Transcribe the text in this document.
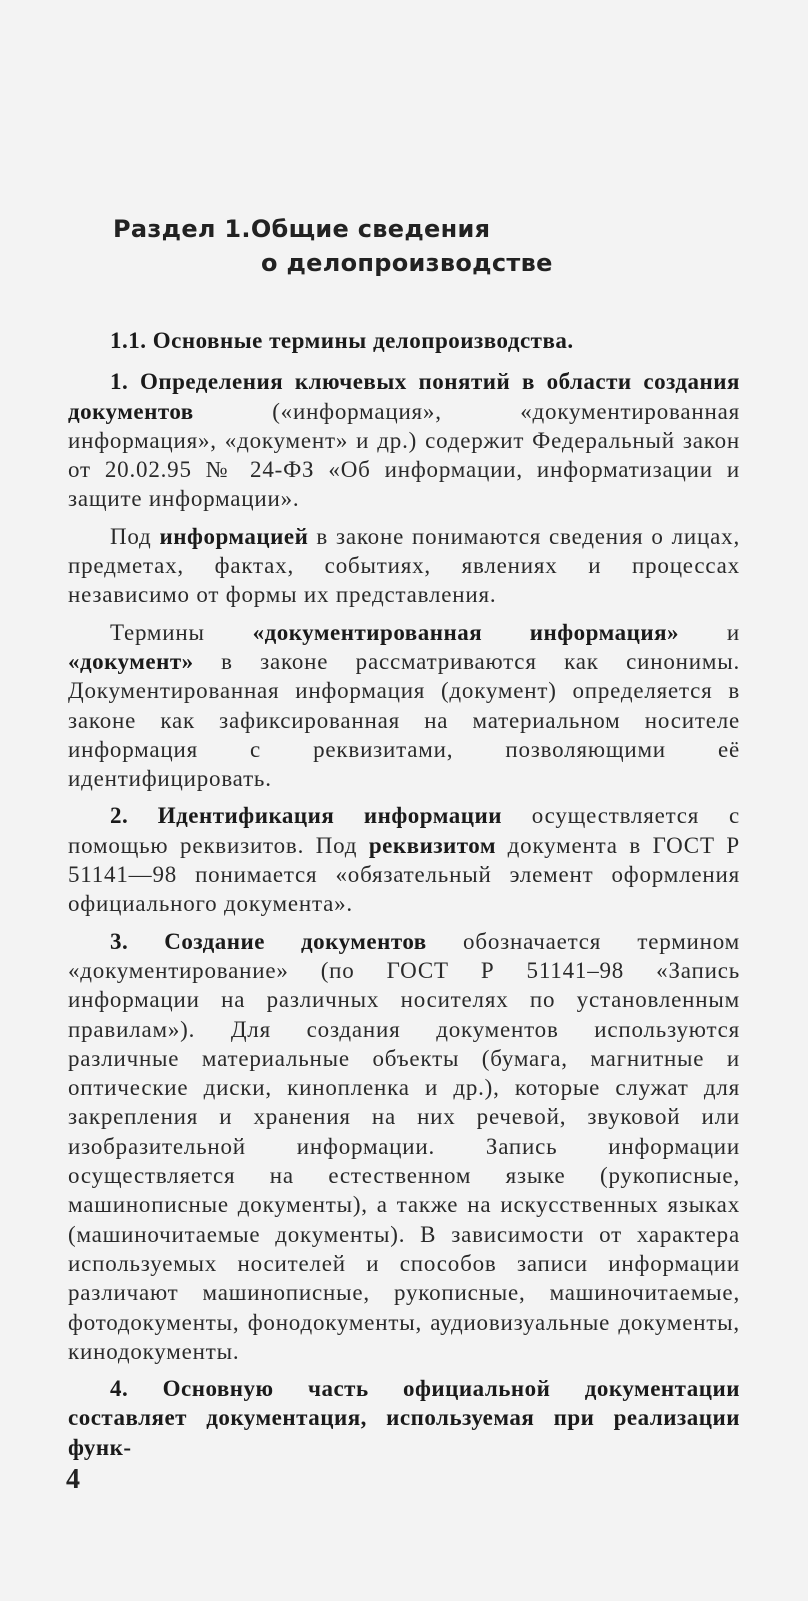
Раздел 1.Общие сведения
о делопроизводстве

1.1. Основные термины делопроизводства.

1. Определения ключевых понятий в области создания документов («информация», «документированная информация», «документ» и др.) содержит Федеральный закон от 20.02.95 № 24-ФЗ «Об информации, информатизации и защите информации».

Под информацией в законе понимаются сведения о лицах, предметах, фактах, событиях, явлениях и процессах независимо от формы их представления.

Термины «документированная информация» и «документ» в законе рассматриваются как синонимы. Документированная информация (документ) определяется в законе как зафиксированная на материальном носителе информация с реквизитами, позволяющими её идентифицировать.

2. Идентификация информации осуществляется с помощью реквизитов. Под реквизитом документа в ГОСТ Р 51141—98 понимается «обязательный элемент оформления официального документа».

3. Создание документов обозначается термином «документирование» (по ГОСТ Р 51141–98 «Запись информации на различных носителях по установленным правилам»). Для создания документов используются различные материальные объекты (бумага, магнитные и оптические диски, кинопленка и др.), которые служат для закрепления и хранения на них речевой, звуковой или изобразительной информации. Запись информации осуществляется на естественном языке (рукописные, машинописные документы), а также на искусственных языках (машиночитаемые документы). В зависимости от характера используемых носителей и способов записи информации различают машинописные, рукописные, машиночитаемые, фотодокументы, фонодокументы, аудиовизуальные документы, кинодокументы.

4. Основную часть официальной документации составляет документация, используемая при реализации функ-

4
